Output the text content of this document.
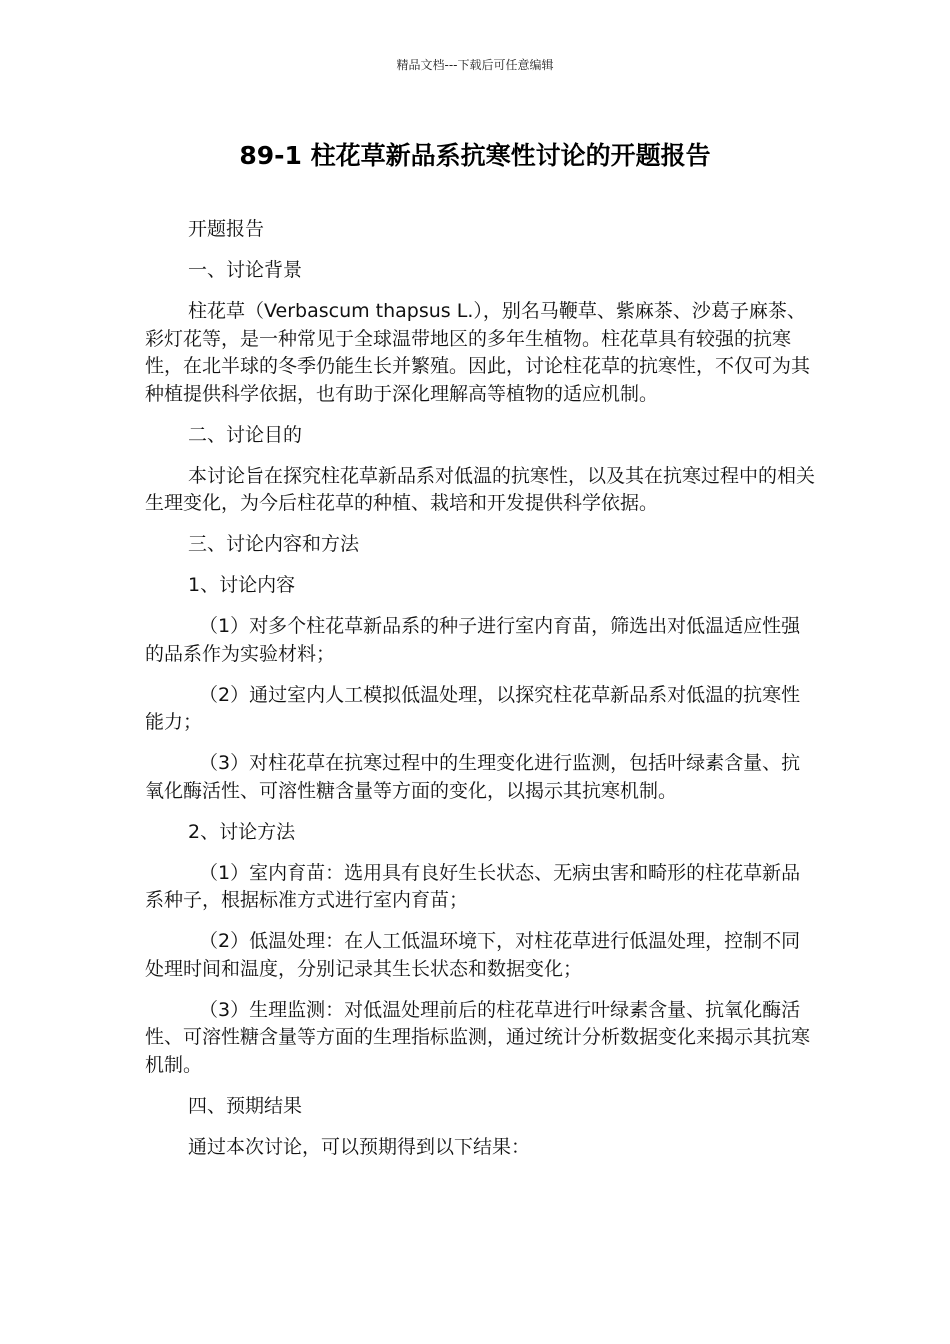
精品文档---下载后可任意编辑
89-1 柱花草新品系抗寒性讨论的开题报告

开题报告

一、讨论背景

柱花草（Verbascum thapsus L.），别名马鞭草、紫麻茶、沙葛子麻茶、彩灯花等，是一种常见于全球温带地区的多年生植物。柱花草具有较强的抗寒性，在北半球的冬季仍能生长并繁殖。因此，讨论柱花草的抗寒性，不仅可为其种植提供科学依据，也有助于深化理解高等植物的适应机制。

二、讨论目的

本讨论旨在探究柱花草新品系对低温的抗寒性，以及其在抗寒过程中的相关生理变化，为今后柱花草的种植、栽培和开发提供科学依据。

三、讨论内容和方法

1、讨论内容

（1）对多个柱花草新品系的种子进行室内育苗，筛选出对低温适应性强的品系作为实验材料；

（2）通过室内人工模拟低温处理，以探究柱花草新品系对低温的抗寒性能力；

（3）对柱花草在抗寒过程中的生理变化进行监测，包括叶绿素含量、抗氧化酶活性、可溶性糖含量等方面的变化，以揭示其抗寒机制。

2、讨论方法

（1）室内育苗：选用具有良好生长状态、无病虫害和畸形的柱花草新品系种子，根据标准方式进行室内育苗；

（2）低温处理：在人工低温环境下，对柱花草进行低温处理，控制不同处理时间和温度，分别记录其生长状态和数据变化；

（3）生理监测：对低温处理前后的柱花草进行叶绿素含量、抗氧化酶活性、可溶性糖含量等方面的生理指标监测，通过统计分析数据变化来揭示其抗寒机制。

四、预期结果

通过本次讨论，可以预期得到以下结果：
